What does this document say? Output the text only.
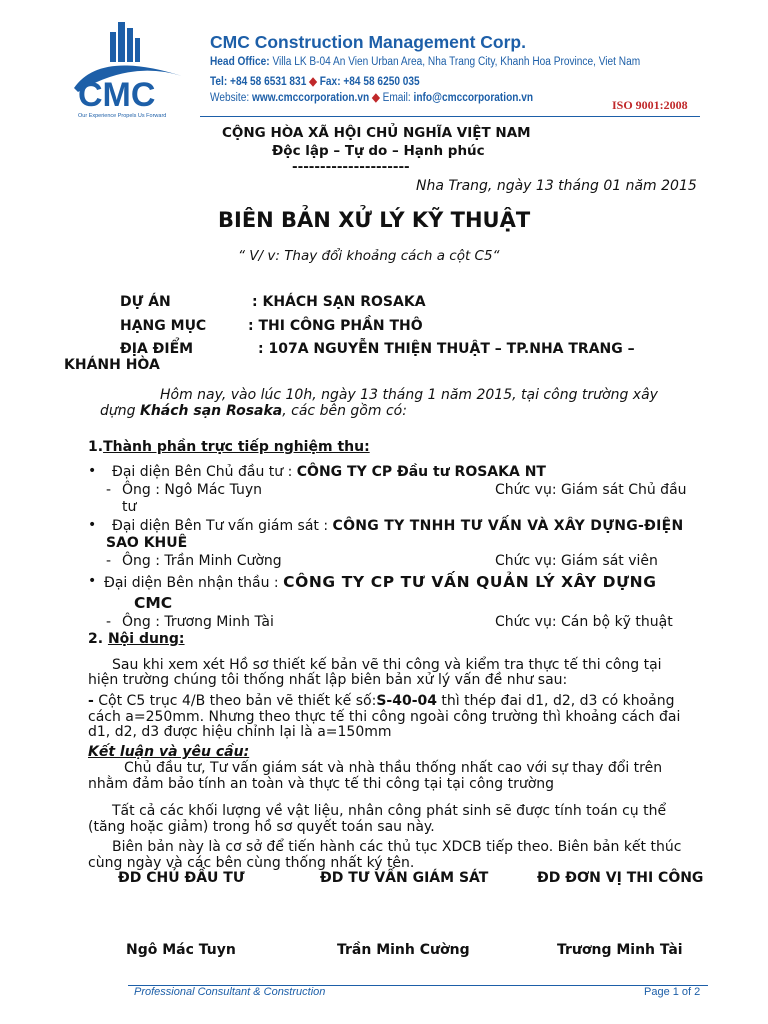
CMC
Our Experience Propels Us Forward
CMC Construction Management Corp.
Head Office: Villa LK B-04 An Vien Urban Area, Nha Trang City, Khanh Hoa Province, Viet Nam
Tel: +84 58 6531 831 ◆ Fax: +84 58 6250 035
Website: www.cmccorporation.vn ◆ Email: info@cmccorporation.vn	ISO 9001:2008
CỘNG HÒA XÃ HỘI CHỦ NGHĨA VIỆT NAM
Độc lập – Tự do – Hạnh phúc
---------------------
Nha Trang, ngày 13 tháng 01 năm 2015
BIÊN BẢN XỬ LÝ KỸ THUẬT
“ V/ v: Thay đổi khoảng cách a cột C5“
DỰ ÁN	: KHÁCH SẠN ROSAKA
HẠNG MỤC	: THI CÔNG PHẦN THÔ
ĐỊA ĐIỂM	: 107A NGUYỄN THIỆN THUẬT – TP.NHA TRANG –
KHÁNH HÒA
Hôm nay, vào lúc 10h, ngày 13 tháng 1 năm 2015, tại công trường xây
dựng Khách sạn Rosaka, các bên gồm có:
1.Thành phần trực tiếp nghiệm thu:
• Đại diện Bên Chủ đầu tư : CÔNG TY CP Đầu tư ROSAKA NT
- Ông : Ngô Mác Tuyn	Chức vụ: Giám sát Chủ đầu
tư
• Đại diện Bên Tư vấn giám sát : CÔNG TY TNHH TƯ VẤN VÀ XÂY DỰNG-ĐIỆN
SAO KHUÊ
- Ông : Trần Minh Cường	Chức vụ: Giám sát viên
• Đại diện Bên nhận thầu : CÔNG TY CP TƯ VẤN QUẢN LÝ XÂY DỰNG
CMC
- Ông : Trương Minh Tài	Chức vụ: Cán bộ kỹ thuật
2. Nội dung:
Sau khi xem xét Hồ sơ thiết kế bản vẽ thi công và kiểm tra thực tế thi công tại
hiện trường chúng tôi thống nhất lập biên bản xử lý vấn đề như sau:
- Cột C5 trục 4/B theo bản vẽ thiết kế số:S-40-04 thì thép đai d1, d2, d3 có khoảng
cách a=250mm. Nhưng theo thực tế thi công ngoài công trường thì khoảng cách đai
d1, d2, d3 được hiệu chỉnh lại là a=150mm
Kết luận và yêu cầu:
Chủ đầu tư, Tư vấn giám sát và nhà thầu thống nhất cao với sự thay đổi trên
nhằm đảm bảo tính an toàn và thực tế thi công tại tại công trường
Tất cả các khối lượng về vật liệu, nhân công phát sinh sẽ được tính toán cụ thể
(tăng hoặc giảm) trong hồ sơ quyết toán sau này.
Biên bản này là cơ sở để tiến hành các thủ tục XDCB tiếp theo. Biên bản kết thúc
cùng ngày và các bên cùng thống nhất ký tên.
ĐD CHỦ ĐẦU TƯ	ĐD TƯ VẤN GIÁM SÁT	ĐD ĐƠN VỊ THI CÔNG
Ngô Mác Tuyn	Trần Minh Cường	Trương Minh Tài
Professional Consultant & Construction	Page 1 of 2
